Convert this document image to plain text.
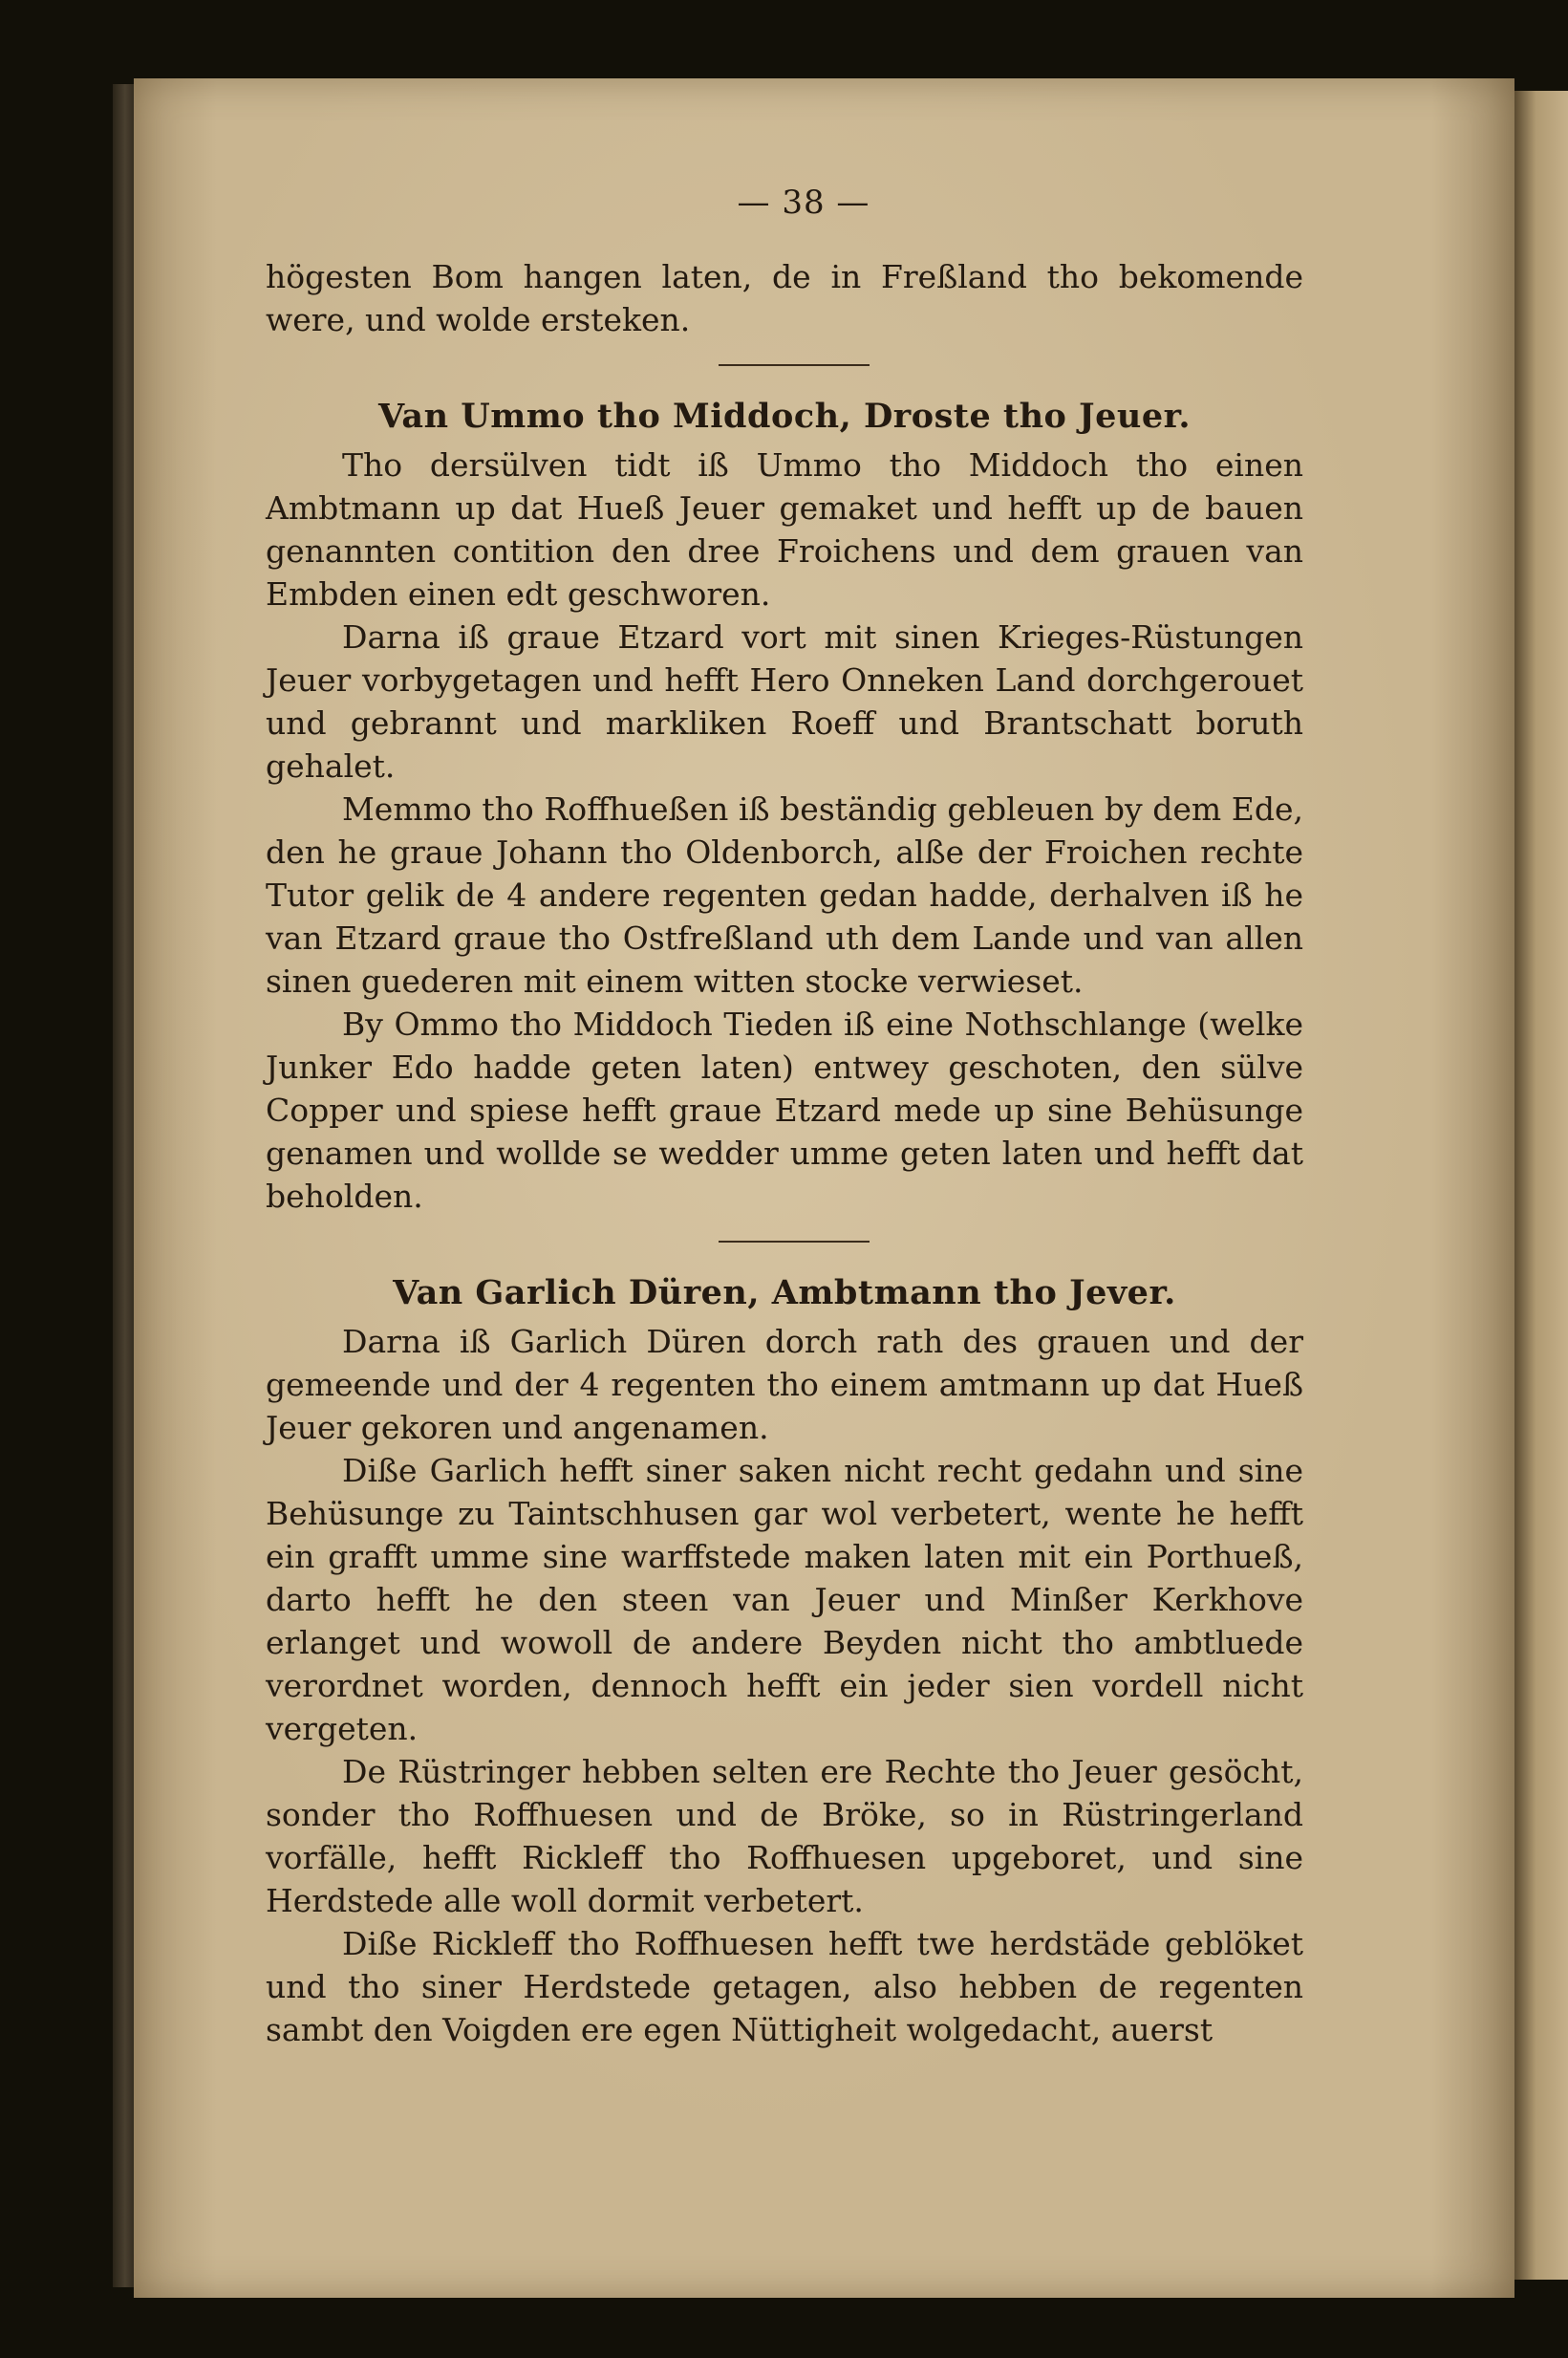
— 38 —

högesten Bom hangen laten, de in Freßland tho bekomende were, und wolde ersteken.

Van Ummo tho Middoch, Droste tho Jeuer.

Tho dersülven tidt iß Ummo tho Middoch tho einen Ambtmann up dat Hueß Jeuer gemaket und hefft up de bauen genannten contition den dree Froichens und dem grauen van Embden einen edt geschworen.

Darna iß graue Etzard vort mit sinen Krieges-Rüstungen Jeuer vorbygetagen und hefft Hero Onneken Land dorchgerouet und gebrannt und markliken Roeff und Brantschatt boruth gehalet.

Memmo tho Roffhueßen iß beständig gebleuen by dem Ede, den he graue Johann tho Oldenborch, alße der Froichen rechte Tutor gelik de 4 andere regenten gedan hadde, derhalven iß he van Etzard graue tho Ostfreßland uth dem Lande und van allen sinen guederen mit einem witten stocke verwieset.

By Ommo tho Middoch Tieden iß eine Nothschlange (welke Junker Edo hadde geten laten) entwey geschoten, den sülve Copper und spiese hefft graue Etzard mede up sine Behüsunge genamen und wollde se wedder umme geten laten und hefft dat beholden.

Van Garlich Düren, Ambtmann tho Jever.

Darna iß Garlich Düren dorch rath des grauen und der gemeende und der 4 regenten tho einem amtmann up dat Hueß Jeuer gekoren und angenamen.

Diße Garlich hefft siner saken nicht recht gedahn und sine Behüsunge zu Taintschhusen gar wol verbetert, wente he hefft ein grafft umme sine warffstede maken laten mit ein Porthueß, darto hefft he den steen van Jeuer und Minßer Kerkhove erlanget und wowoll de andere Beyden nicht tho ambtluede verordnet worden, dennoch hefft ein jeder sien vordell nicht vergeten.

De Rüstringer hebben selten ere Rechte tho Jeuer gesöcht, sonder tho Roffhuesen und de Bröke, so in Rüstringerland vorfälle, hefft Rickleff tho Roffhuesen upgeboret, und sine Herdstede alle woll dormit verbetert.

Diße Rickleff tho Roffhuesen hefft twe herdstäde geblöket und tho siner Herdstede getagen, also hebben de regenten sambt den Voigden ere egen Nüttigheit wolgedacht, auerst
